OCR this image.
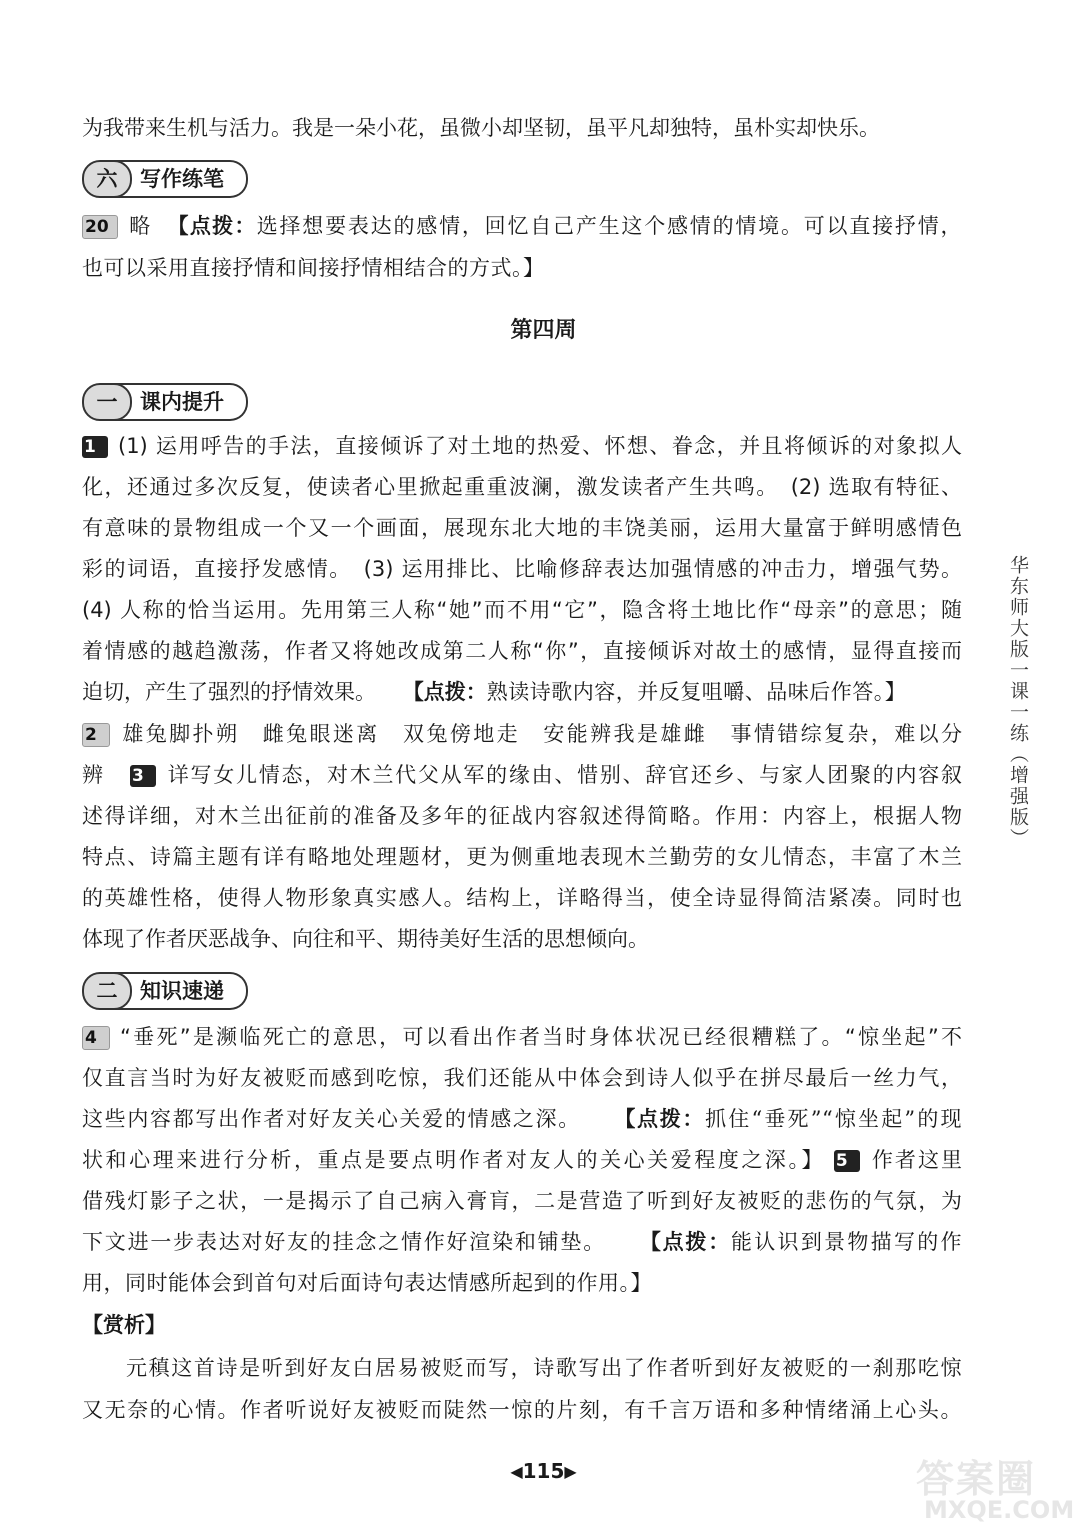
为我带来生机与活力。我是一朵小花，虽微小却坚韧，虽平凡却独特，虽朴实却快乐。
写作练笔
六
20 略 【点拨：选择想要表达的感情，回忆自己产生这个感情的情境。可以直接抒情，
也可以采用直接抒情和间接抒情相结合的方式。】
第四周
课内提升
一
1 (1) 运用呼告的手法，直接倾诉了对土地的热爱、怀想、眷念，并且将倾诉的对象拟人
化，还通过多次反复，使读者心里掀起重重波澜，激发读者产生共鸣。　(2) 选取有特征、
有意味的景物组成一个又一个画面，展现东北大地的丰饶美丽，运用大量富于鲜明感情色
彩的词语，直接抒发感情。　(3) 运用排比、比喻修辞表达加强情感的冲击力，增强气势。
(4) 人称的恰当运用。先用第三人称“她”而不用“它”，隐含将土地比作“母亲”的意思；随
着情感的越趋激荡，作者又将她改成第二人称“你”，直接倾诉对故土的感情，显得直接而
迫切，产生了强烈的抒情效果。 【点拨：熟读诗歌内容，并反复咀嚼、品味后作答。】
2 雄兔脚扑朔　雌兔眼迷离　双兔傍地走　安能辨我是雄雌　事情错综复杂，难以分
辨 3 详写女儿情态，对木兰代父从军的缘由、惜别、辞官还乡、与家人团聚的内容叙
述得详细，对木兰出征前的准备及多年的征战内容叙述得简略。作用：内容上，根据人物
特点、诗篇主题有详有略地处理题材，更为侧重地表现木兰勤劳的女儿情态，丰富了木兰
的英雄性格，使得人物形象真实感人。结构上，详略得当，使全诗显得简洁紧凑。同时也
体现了作者厌恶战争、向往和平、期待美好生活的思想倾向。
知识速递
二
4 “垂死”是濒临死亡的意思，可以看出作者当时身体状况已经很糟糕了。“惊坐起”不
仅直言当时为好友被贬而感到吃惊，我们还能从中体会到诗人似乎在拼尽最后一丝力气，
这些内容都写出作者对好友关心关爱的情感之深。 【点拨：抓住“垂死”“惊坐起”的现
状和心理来进行分析，重点是要点明作者对友人的关心关爱程度之深。】 5 作者这里
借残灯影子之状，一是揭示了自己病入膏肓，二是营造了听到好友被贬的悲伤的气氛，为
下文进一步表达对好友的挂念之情作好渲染和铺垫。 【点拨：能认识到景物描写的作
用，同时能体会到首句对后面诗句表达情感所起到的作用。】
【赏析】
元稹这首诗是听到好友白居易被贬而写，诗歌写出了作者听到好友被贬的一刹那吃惊
又无奈的心情。作者听说好友被贬而陡然一惊的片刻，有千言万语和多种情绪涌上心头。
华东师大版一课一练（增强版）
◀115▶	答案圈
MXQE.COM
